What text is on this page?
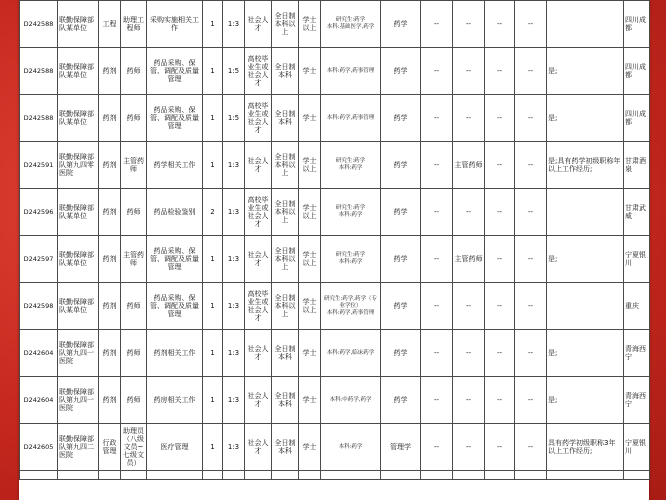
D242588	联勤保障部队某单位	工程	助理工程师	采购实施相关工作	1	1:3	社会人才	全日制本科以上	学士以上	研究生:药学
本科:基础医学,药学	药学	--	--	--	--		四川成都
D242588	联勤保障部队某单位	药剂	药师	药品采购、保管、调配及质量管理	1	1:5	高校毕业生或社会人才	全日制本科	学士	本科:药学,药事管理	药学	--	--	--	--	是;	四川成都
D242588	联勤保障部队某单位	药剂	药师	药品采购、保管、调配及质量管理	1	1:5	高校毕业生或社会人才	全日制本科	学士	本科:药学,药事管理	药学	--	--	--	--	是;	四川成都
D242591	联勤保障部队第九四零医院	药剂	主管药师	药学相关工作	1	1:3	社会人才	全日制本科以上	学士以上	研究生:药学
本科:药学	药学	--	主管药师	--	--	是;具有药学初级职称年以上工作经历;	甘肃酒泉
D242596	联勤保障部队某单位	药剂	药师	药品检验鉴别	2	1:3	高校毕业生或社会人才	全日制本科以上	学士以上	研究生:药学
本科:药学	药学	--	--	--	--		甘肃武威
D242597	联勤保障部队某单位	药剂	主管药师	药品采购、保管、调配及质量管理	1	1:3	社会人才	全日制本科以上	学士以上	研究生:药学
本科:药学	药学	--	主管药师	--	--	是;	宁夏银川
D242598	联勤保障部队某单位	药剂	药师	药品采购、保管、调配及质量管理	1	1:3	高校毕业生或社会人才	全日制本科以上	学士以上	研究生:药学,药学（专业学位）
本科:药学,药事管理	药学	--	--	--	--		重庆
D242604	联勤保障部队第九四一医院	药剂	药师	药剂相关工作	1	1:3	社会人才	全日制本科	学士	本科:药学,临床药学	药学	--	--	--	--	是;	青海西宁
D242604	联勤保障部队第九四一医院	药剂	药师	药房相关工作	1	1:3	社会人才	全日制本科	学士	本科:中药学,药学	药学	--	--	--	--	是;	青海西宁
D242605	联勤保障部队第九四二医院	行政管理	助理员（八级文员~七级文员）	医疗管理	1	1:3	社会人才	全日制本科	学士	本科:药学	管理学	--	--	--	--	具有药学初级职称3年以上工作经历;	宁夏银川
